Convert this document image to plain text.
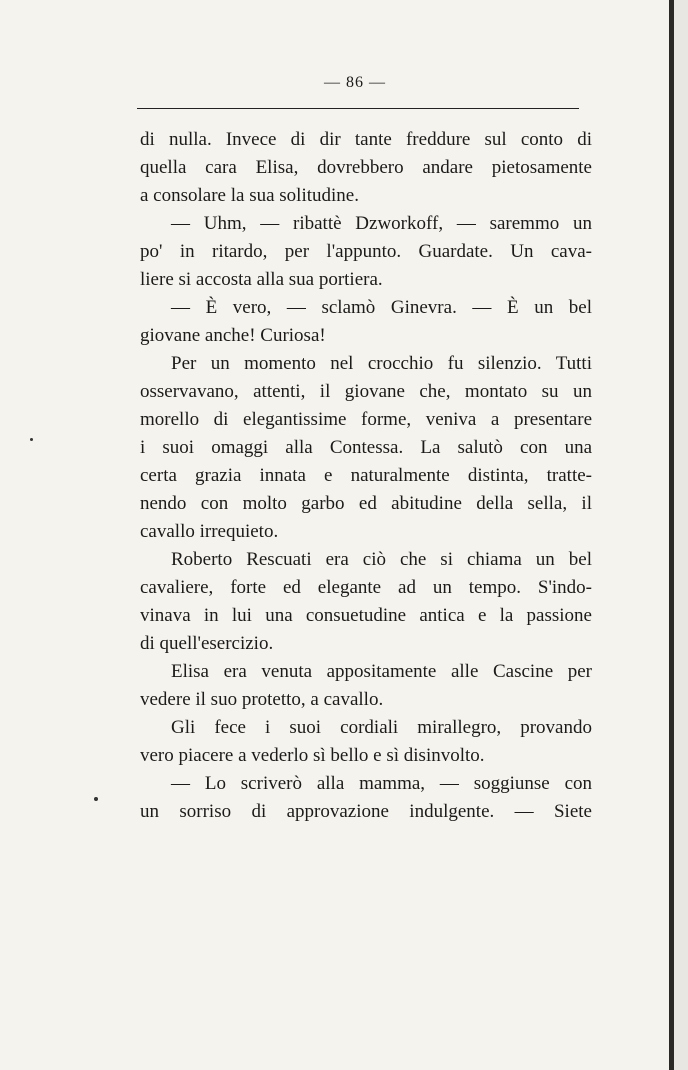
— 86 —
di nulla. Invece di dir tante freddure sul conto di
quella cara Elisa, dovrebbero andare pietosamente
a consolare la sua solitudine.
— Uhm, — ribattè Dzworkoff, — saremmo un
po' in ritardo, per l'appunto. Guardate. Un cava-
liere si accosta alla sua portiera.
— È vero, — sclamò Ginevra. — È un bel
giovane anche! Curiosa!
Per un momento nel crocchio fu silenzio. Tutti
osservavano, attenti, il giovane che, montato su un
morello di elegantissime forme, veniva a presentare
i suoi omaggi alla Contessa. La salutò con una
certa grazia innata e naturalmente distinta, tratte-
nendo con molto garbo ed abitudine della sella, il
cavallo irrequieto.
Roberto Rescuati era ciò che si chiama un bel
cavaliere, forte ed elegante ad un tempo. S'indo-
vinava in lui una consuetudine antica e la passione
di quell'esercizio.
Elisa era venuta appositamente alle Cascine per
vedere il suo protetto, a cavallo.
Gli fece i suoi cordiali mirallegro, provando
vero piacere a vederlo sì bello e sì disinvolto.
— Lo scriverò alla mamma, — soggiunse con
un sorriso di approvazione indulgente. — Siete
